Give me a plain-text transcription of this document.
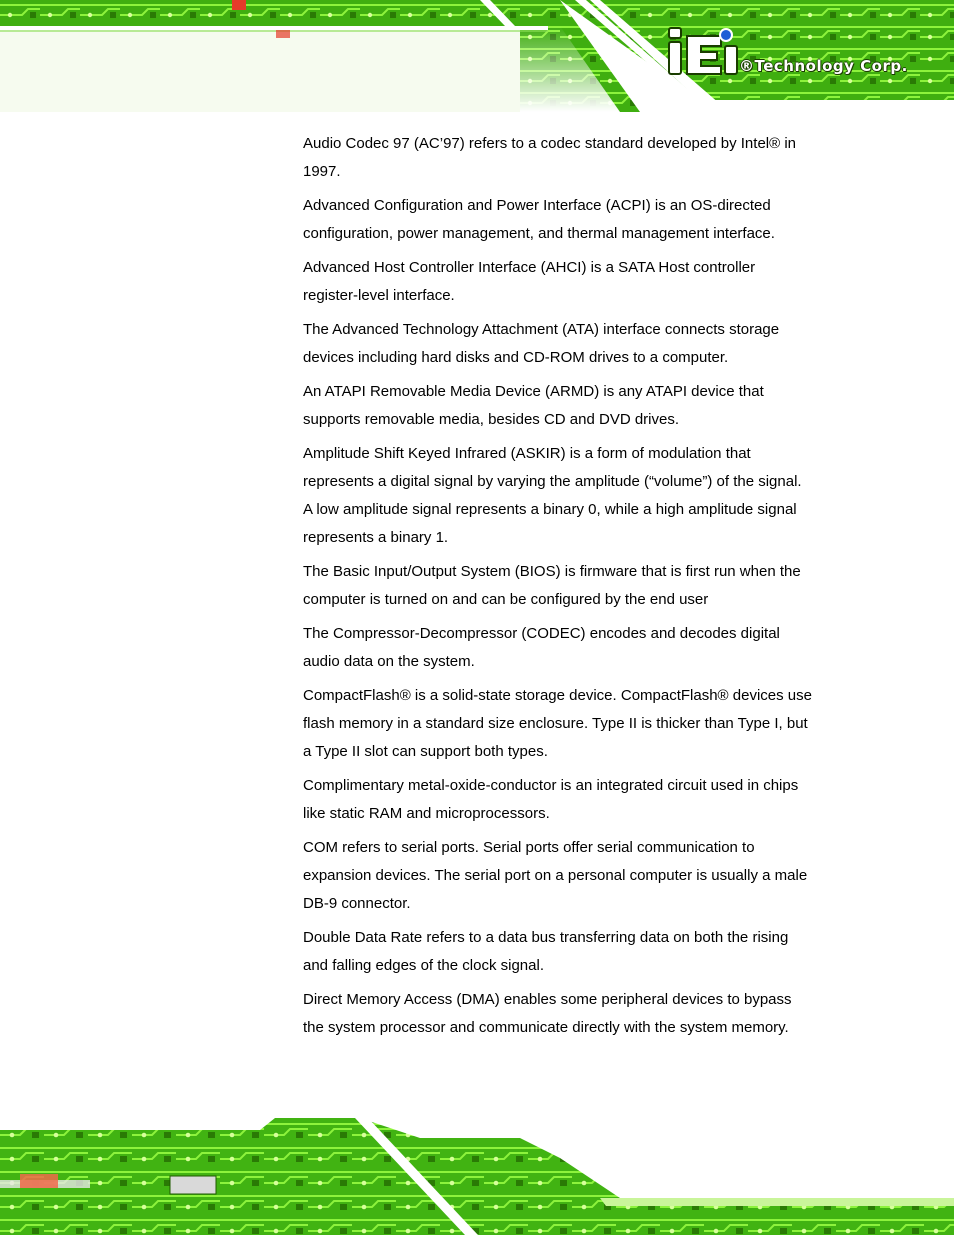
®Technology Corp.

Audio Codec 97 (AC’97) refers to a codec standard developed by Intel® in 1997.

Advanced Configuration and Power Interface (ACPI) is an OS-directed configuration, power management, and thermal management interface.

Advanced Host Controller Interface (AHCI) is a SATA Host controller register-level interface.

The Advanced Technology Attachment (ATA) interface connects storage devices including hard disks and CD-ROM drives to a computer.

An ATAPI Removable Media Device (ARMD) is any ATAPI device that supports removable media, besides CD and DVD drives.

Amplitude Shift Keyed Infrared (ASKIR) is a form of modulation that represents a digital signal by varying the amplitude (“volume”) of the signal. A low amplitude signal represents a binary 0, while a high amplitude signal represents a binary 1.

The Basic Input/Output System (BIOS) is firmware that is first run when the computer is turned on and can be configured by the end user

The Compressor-Decompressor (CODEC) encodes and decodes digital audio data on the system.

CompactFlash® is a solid-state storage device. CompactFlash® devices use flash memory in a standard size enclosure. Type II is thicker than Type I, but a Type II slot can support both types.

Complimentary metal-oxide-conductor is an integrated circuit used in chips like static RAM and microprocessors.

COM refers to serial ports. Serial ports offer serial communication to expansion devices. The serial port on a personal computer is usually a male DB-9 connector.

Double Data Rate refers to a data bus transferring data on both the rising and falling edges of the clock signal.

Direct Memory Access (DMA) enables some peripheral devices to bypass the system processor and communicate directly with the system memory.
